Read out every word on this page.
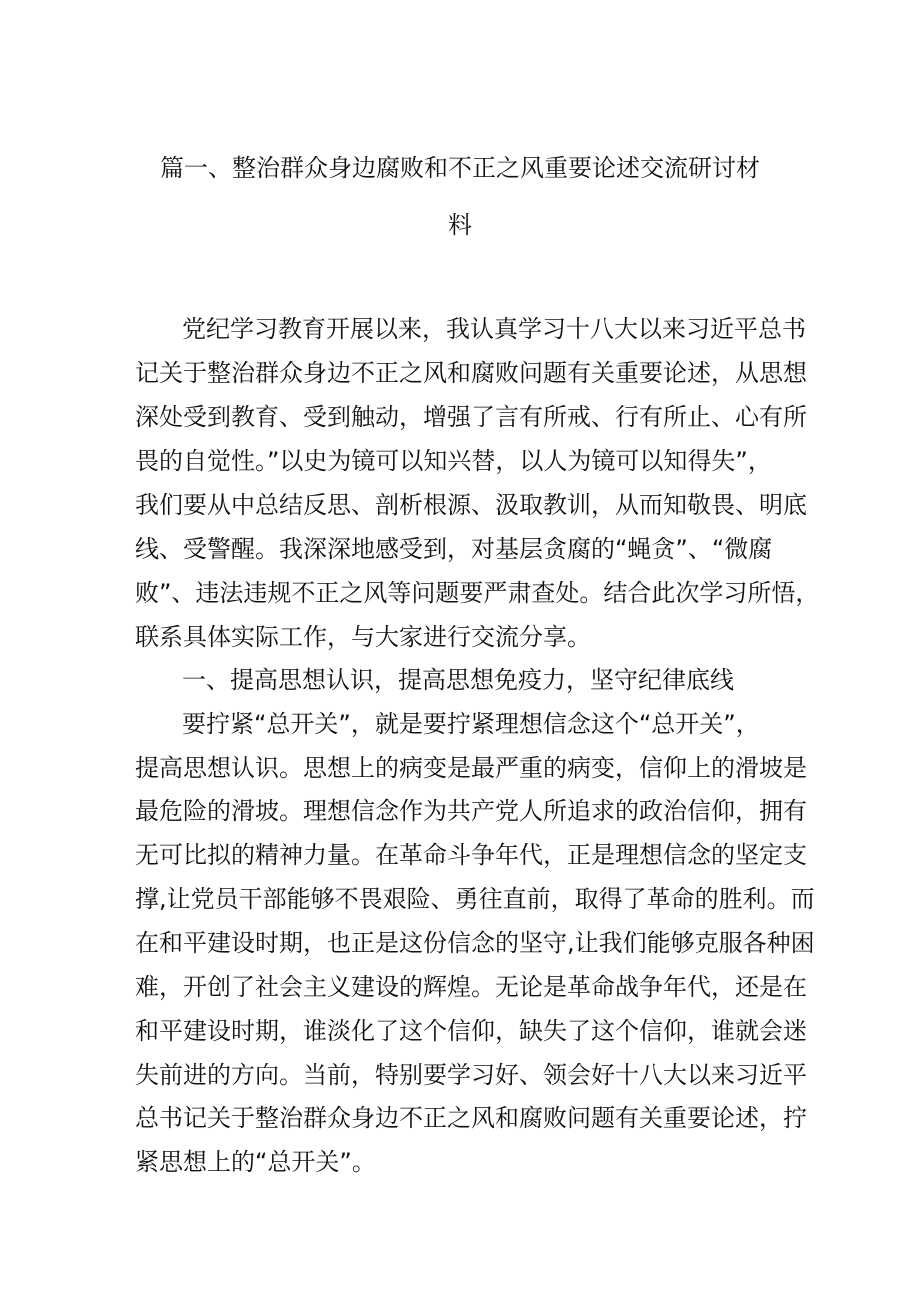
篇一、整治群众身边腐败和不正之风重要论述交流研讨材
料
党纪学习教育开展以来，我认真学习十八大以来习近平总书
记关于整治群众身边不正之风和腐败问题有关重要论述，从思想
深处受到教育、受到触动，增强了言有所戒、行有所止、心有所
畏的自觉性。”以史为镜可以知兴替，以人为镜可以知得失”，
我们要从中总结反思、剖析根源、汲取教训，从而知敬畏、明底
线、受警醒。我深深地感受到，对基层贪腐的“蝇贪”、“微腐
败”、违法违规不正之风等问题要严肃查处。结合此次学习所悟，
联系具体实际工作，与大家进行交流分享。
一、提高思想认识，提高思想免疫力，坚守纪律底线
要拧紧“总开关”，就是要拧紧理想信念这个“总开关”，
提高思想认识。思想上的病变是最严重的病变，信仰上的滑坡是
最危险的滑坡。理想信念作为共产党人所追求的政治信仰，拥有
无可比拟的精神力量。在革命斗争年代，正是理想信念的坚定支
撑,让党员干部能够不畏艰险、勇往直前，取得了革命的胜利。而
在和平建设时期，也正是这份信念的坚守,让我们能够克服各种困
难，开创了社会主义建设的辉煌。无论是革命战争年代，还是在
和平建设时期，谁淡化了这个信仰，缺失了这个信仰，谁就会迷
失前进的方向。当前，特别要学习好、领会好十八大以来习近平
总书记关于整治群众身边不正之风和腐败问题有关重要论述，拧
紧思想上的“总开关”。
